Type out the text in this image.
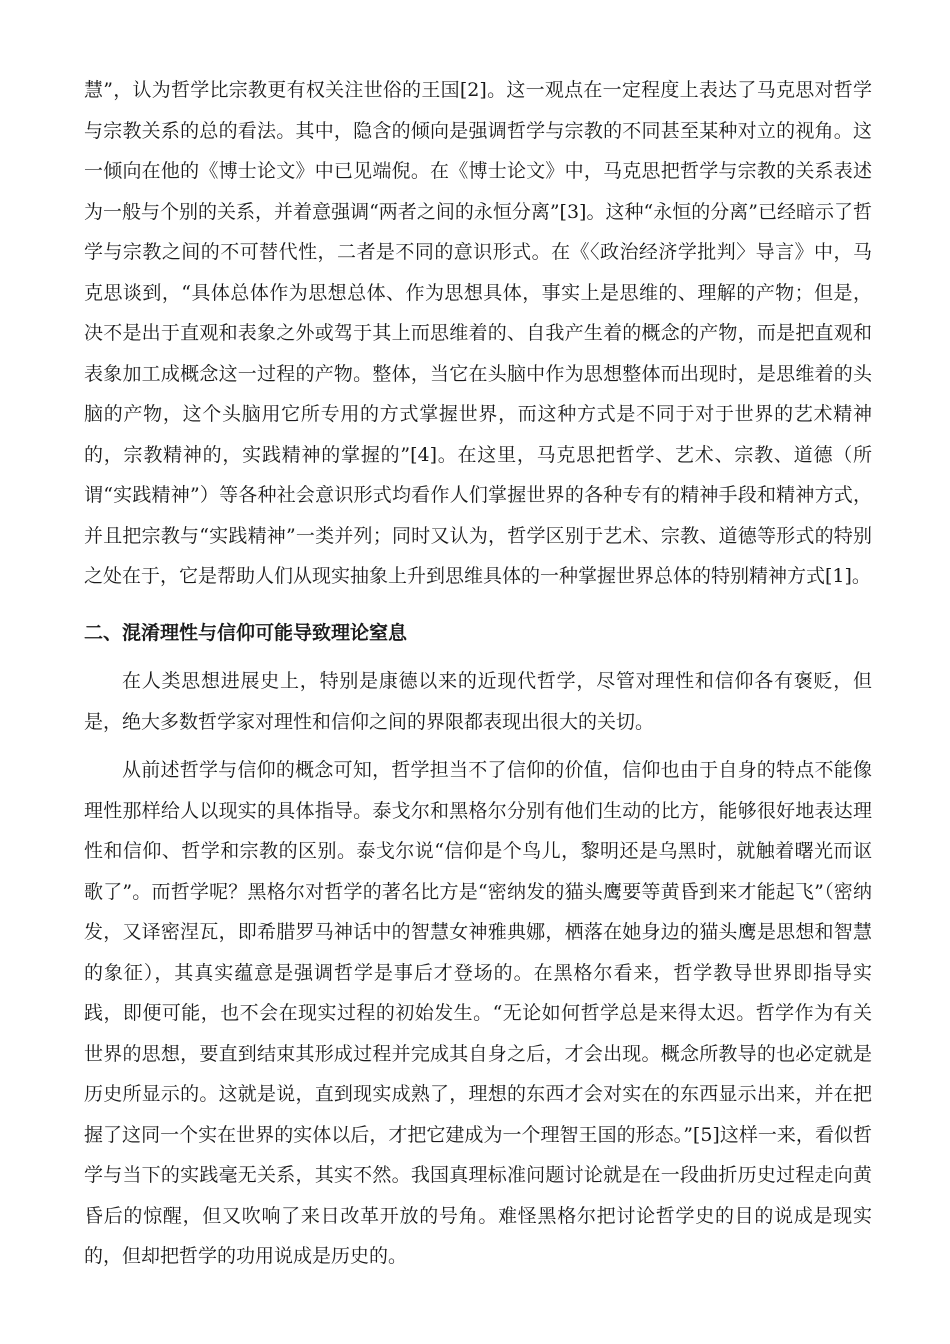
慧”，认为哲学比宗教更有权关注世俗的王国[2]。这一观点在一定程度上表达了马克思对哲学与宗教关系的总的看法。其中，隐含的倾向是强调哲学与宗教的不同甚至某种对立的视角。这一倾向在他的《博士论文》中已见端倪。在《博士论文》中，马克思把哲学与宗教的关系表述为一般与个别的关系，并着意强调“两者之间的永恒分离”[3]。这种“永恒的分离”已经暗示了哲学与宗教之间的不可替代性，二者是不同的意识形式。在《〈政治经济学批判〉导言》中，马克思谈到，“具体总体作为思想总体、作为思想具体，事实上是思维的、理解的产物；但是，决不是出于直观和表象之外或驾于其上而思维着的、自我产生着的概念的产物，而是把直观和表象加工成概念这一过程的产物。整体，当它在头脑中作为思想整体而出现时，是思维着的头脑的产物，这个头脑用它所专用的方式掌握世界，而这种方式是不同于对于世界的艺术精神的，宗教精神的，实践精神的掌握的”[4]。在这里，马克思把哲学、艺术、宗教、道德（所谓“实践精神”）等各种社会意识形式均看作人们掌握世界的各种专有的精神手段和精神方式，并且把宗教与“实践精神”一类并列；同时又认为，哲学区别于艺术、宗教、道德等形式的特别之处在于，它是帮助人们从现实抽象上升到思维具体的一种掌握世界总体的特别精神方式[1]。

二、混淆理性与信仰可能导致理论窒息

在人类思想进展史上，特别是康德以来的近现代哲学，尽管对理性和信仰各有褒贬，但是，绝大多数哲学家对理性和信仰之间的界限都表现出很大的关切。

从前述哲学与信仰的概念可知，哲学担当不了信仰的价值，信仰也由于自身的特点不能像理性那样给人以现实的具体指导。泰戈尔和黑格尔分别有他们生动的比方，能够很好地表达理性和信仰、哲学和宗教的区别。泰戈尔说“信仰是个鸟儿，黎明还是乌黑时，就触着曙光而讴歌了”。而哲学呢？黑格尔对哲学的著名比方是“密纳发的猫头鹰要等黄昏到来才能起飞”（密纳发，又译密涅瓦，即希腊罗马神话中的智慧女神雅典娜，栖落在她身边的猫头鹰是思想和智慧的象征），其真实蕴意是强调哲学是事后才登场的。在黑格尔看来，哲学教导世界即指导实践，即便可能，也不会在现实过程的初始发生。“无论如何哲学总是来得太迟。哲学作为有关世界的思想，要直到结束其形成过程并完成其自身之后，才会出现。概念所教导的也必定就是历史所显示的。这就是说，直到现实成熟了，理想的东西才会对实在的东西显示出来，并在把握了这同一个实在世界的实体以后，才把它建成为一个理智王国的形态。”[5]这样一来，看似哲学与当下的实践毫无关系，其实不然。我国真理标准问题讨论就是在一段曲折历史过程走向黄昏后的惊醒，但又吹响了来日改革开放的号角。难怪黑格尔把讨论哲学史的目的说成是现实的，但却把哲学的功用说成是历史的。
